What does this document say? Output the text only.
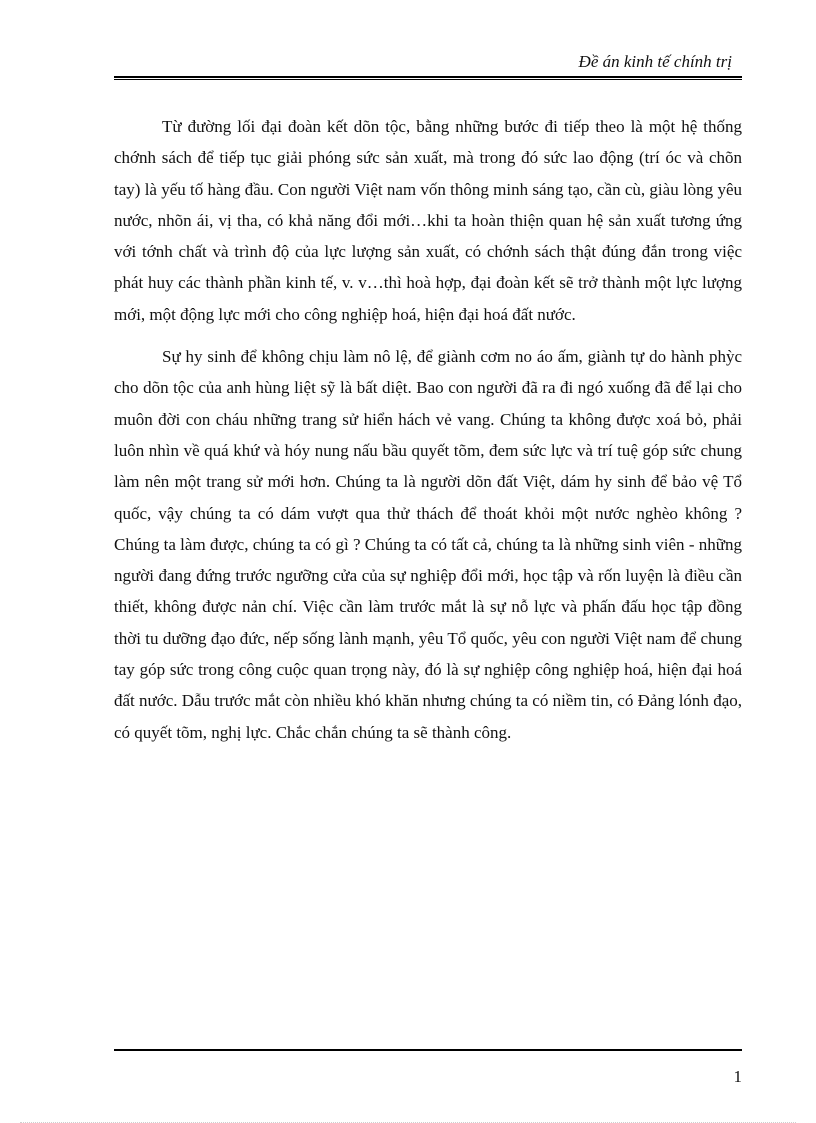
Đề án kinh tế chính trị

Từ đường lối đại đoàn kết dõn tộc, bằng những bước đi tiếp theo là một hệ thống chớnh sách để tiếp tục giải phóng sức sản xuất, mà trong đó sức lao động (trí óc và chõn tay) là yếu tố hàng đầu. Con người Việt nam vốn thông minh sáng tạo, cần cù, giàu lòng yêu nước, nhõn ái, vị tha, có khả năng đổi mới…khi ta hoàn thiện quan hệ sản xuất tương ứng với tớnh chất và trình độ của lực lượng sản xuất, có chớnh sách thật đúng đắn trong việc phát huy các thành phần kinh tế, v. v…thì hoà hợp, đại đoàn kết sẽ trở thành một lực lượng mới, một động lực mới cho công nghiệp hoá, hiện đại hoá đất nước.

Sự hy sinh để không chịu làm nô lệ, để giành cơm no áo ấm, giành tự do hành phỳc cho dõn tộc của anh hùng liệt sỹ là bất diệt. Bao con người đã ra đi ngó xuống đã để lại cho muôn đời con cháu những trang sử hiển hách vẻ vang. Chúng ta không được xoá bỏ, phải luôn nhìn về quá khứ và hóy nung nấu bầu quyết tõm, đem sức lực và trí tuệ góp sức chung làm nên một trang sử mới hơn. Chúng ta là người dõn đất Việt, dám hy sinh để bảo vệ Tổ quốc, vậy chúng ta có dám vượt qua thử thách để thoát khỏi một nước nghèo không ? Chúng ta làm được, chúng ta có gì ? Chúng ta có tất cả, chúng ta là những sinh viên - những người đang đứng trước ngưỡng cửa của sự nghiệp đổi mới, học tập và rốn luyện là điều cần thiết, không được nản chí. Việc cần làm trước mắt là sự nỗ lực và phấn đấu học tập đồng thời tu dưỡng đạo đức, nếp sống lành mạnh, yêu Tổ quốc, yêu con người Việt nam để chung tay góp sức trong công cuộc quan trọng này, đó là sự nghiệp công nghiệp hoá, hiện đại hoá đất nước. Dẫu trước mắt còn nhiều khó khăn nhưng chúng ta có niềm tin, có Đảng lónh đạo, có quyết tõm, nghị lực. Chắc chắn chúng ta sẽ thành công.

1
